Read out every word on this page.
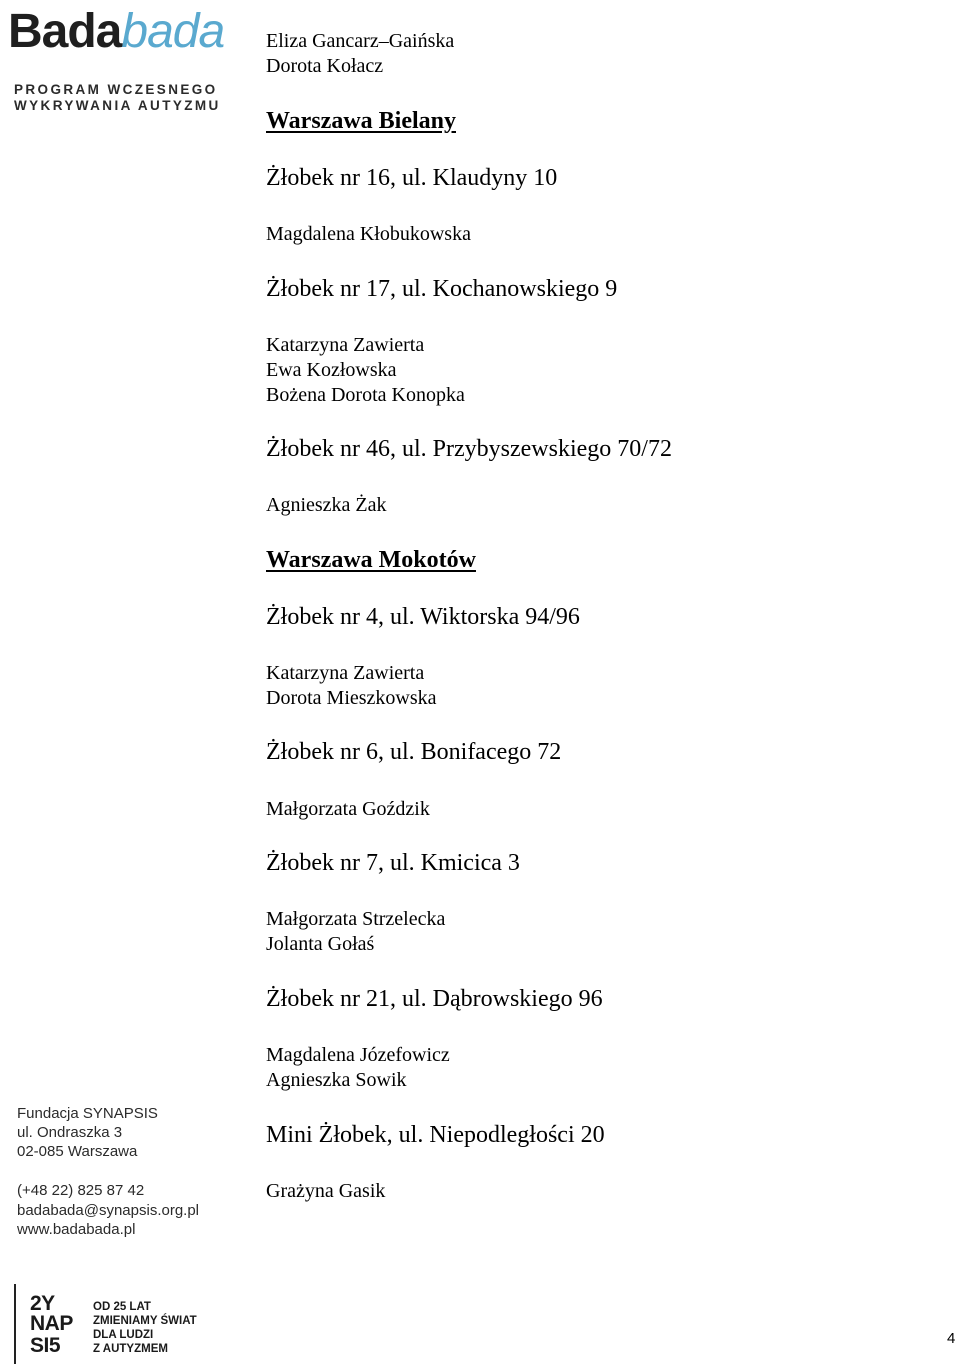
Badabada
PROGRAM WCZESNEGO
WYKRYWANIA AUTYZMU
Eliza Gancarz–Gaińska
Dorota Kołacz
Warszawa Bielany
Żłobek nr 16, ul. Klaudyny 10
Magdalena Kłobukowska
Żłobek nr 17, ul. Kochanowskiego 9
Katarzyna Zawierta
Ewa Kozłowska
Bożena Dorota Konopka
Żłobek nr 46, ul. Przybyszewskiego 70/72
Agnieszka Żak
Warszawa Mokotów
Żłobek nr 4, ul. Wiktorska 94/96
Katarzyna Zawierta
Dorota Mieszkowska
Żłobek nr 6, ul. Bonifacego 72
Małgorzata Goździk
Żłobek nr 7, ul. Kmicica 3
Małgorzata Strzelecka
Jolanta Gołaś
Żłobek nr 21, ul. Dąbrowskiego 96
Magdalena Józefowicz
Agnieszka Sowik
Mini Żłobek, ul. Niepodległości 20
Grażyna Gasik
Fundacja SYNAPSIS
ul. Ondraszka 3
02-085 Warszawa
(+48 22) 825 87 42
badabada@synapsis.org.pl
www.badabada.pl
2Y
NAP
SI5
OD 25 LAT
ZMIENIAMY ŚWIAT
DLA LUDZI
Z AUTYZMEM
4
